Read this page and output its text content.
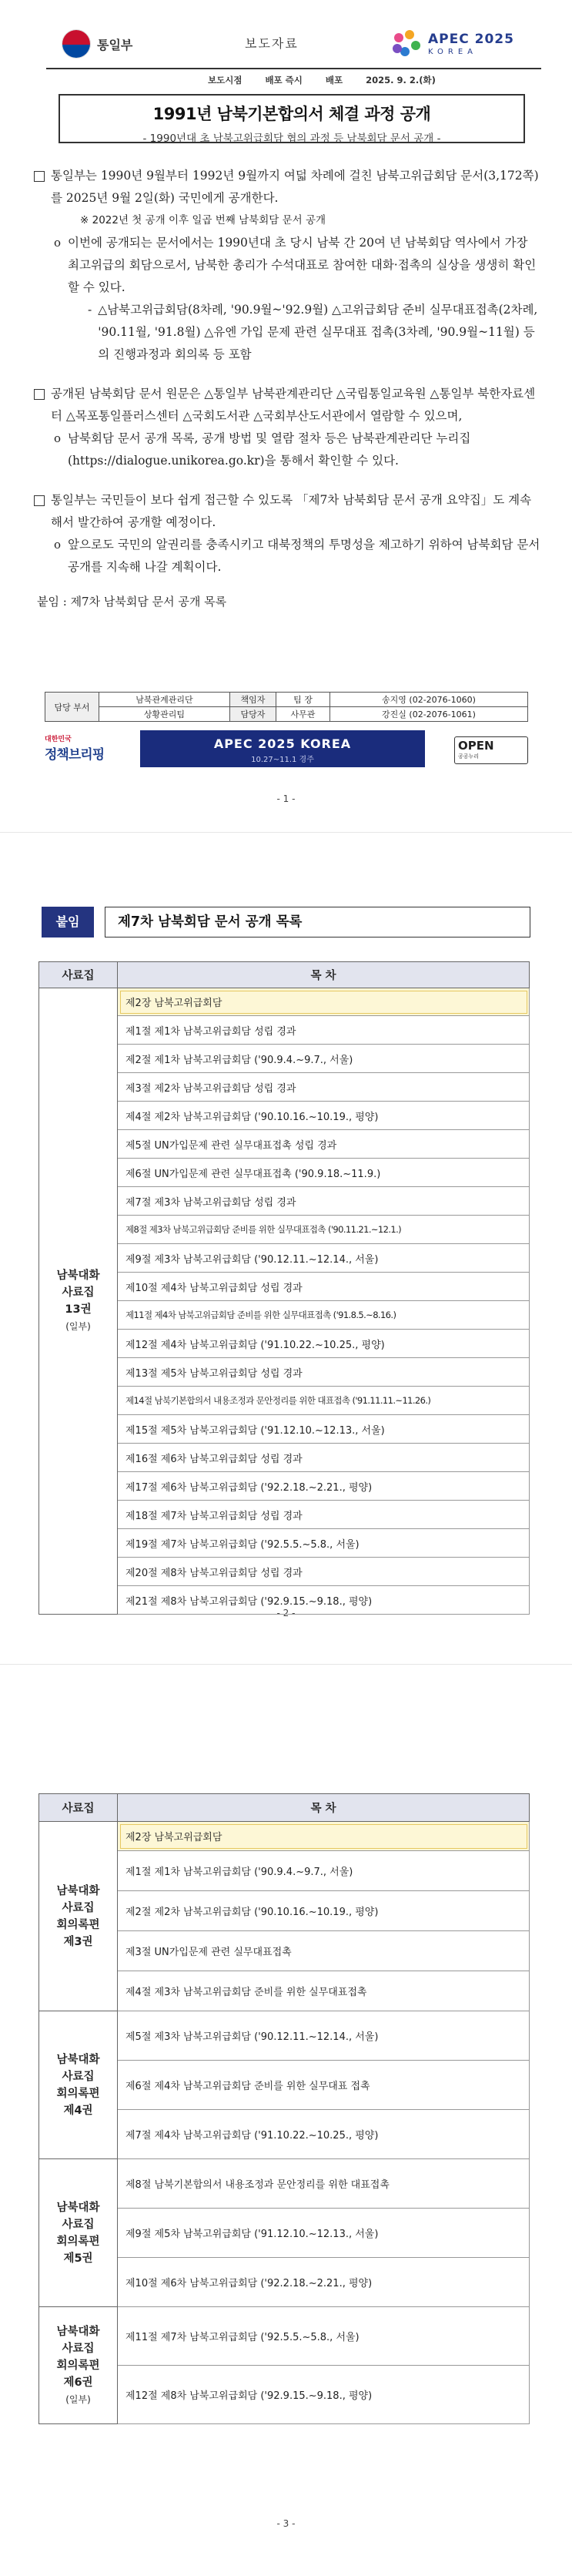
통일부	보도자료	APEC 2025
KOREA
보도시점	배포 즉시	배포	2025. 9. 2.(화)
1991년 남북기본합의서 체결 과정 공개
- 1990년대 초 남북고위급회담 협의 과정 등 남북회담 문서 공개 -
통일부는 1990년 9월부터 1992년 9월까지 여덟 차례에 걸친 남북고위급회담 문서(3,172쪽)를 2025년 9월 2일(화) 국민에게 공개한다.
※ 2022년 첫 공개 이후 일곱 번째 남북회담 문서 공개
o 이번에 공개되는 문서에서는 1990년대 초 당시 남북 간 20여 년 남북회담 역사에서 가장 최고위급의 회담으로서, 남북한 총리가 수석대표로 참여한 대화·접촉의 실상을 생생히 확인할 수 있다.
- △남북고위급회담(8차례, '90.9월~'92.9월) △고위급회담 준비 실무대표접촉(2차례, '90.11월, '91.8월) △유엔 가입 문제 관련 실무대표 접촉(3차례, '90.9월~11월) 등의 진행과정과 회의록 등 포함
공개된 남북회담 문서 원문은 △통일부 남북관계관리단 △국립통일교육원 △통일부 북한자료센터 △목포통일플러스센터 △국회도서관 △국회부산도서관에서 열람할 수 있으며,
o 남북회담 문서 공개 목록, 공개 방법 및 열람 절차 등은 남북관계관리단 누리집(https://dialogue.unikorea.go.kr)을 통해서 확인할 수 있다.
통일부는 국민들이 보다 쉽게 접근할 수 있도록 「제7차 남북회담 문서 공개 요약집」도 계속해서 발간하여 공개할 예정이다.
o 앞으로도 국민의 알권리를 충족시키고 대북정책의 투명성을 제고하기 위하여 남북회담 문서 공개를 지속해 나갈 계획이다.
붙임 : 제7차 남북회담 문서 공개 목록
담당 부서	남북관계관리단	책임자	팀 장	송지영 (02-2076-1060)
	상황관리팀	담당자	사무관	강진실 (02-2076-1061)
대한민국
정책브리핑
APEC 2025 KOREA
10.27~11.1 경주
OPEN
공공누리
- 1 -
붙임	제7차 남북회담 문서 공개 목록
- 2 -
사료집	목 차

남북대화
사료집
13권
(일부)	제2장 남북고위급회담
	제1절 제1차 남북고위급회담 성립 경과
	제2절 제1차 남북고위급회담 ('90.9.4.~9.7., 서울)
	제3절 제2차 남북고위급회담 성립 경과
	제4절 제2차 남북고위급회담 ('90.10.16.~10.19., 평양)
	제5절 UN가입문제 관련 실무대표접촉 성립 경과
	제6절 UN가입문제 관련 실무대표접촉 ('90.9.18.~11.9.)
	제7절 제3차 남북고위급회담 성립 경과
	제8절 제3차 남북고위급회담 준비를 위한 실무대표접촉 ('90.11.21.~12.1.)
	제9절 제3차 남북고위급회담 ('90.12.11.~12.14., 서울)
	제10절 제4차 남북고위급회담 성립 경과
	제11절 제4차 남북고위급회담 준비를 위한 실무대표접촉 ('91.8.5.~8.16.)
	제12절 제4차 남북고위급회담 ('91.10.22.~10.25., 평양)
	제13절 제5차 남북고위급회담 성립 경과
	제14절 남북기본합의서 내용조정과 문안정리를 위한 대표접촉 ('91.11.11.~11.26.)
	제15절 제5차 남북고위급회담 ('91.12.10.~12.13., 서울)
	제16절 제6차 남북고위급회담 성립 경과
	제17절 제6차 남북고위급회담 ('92.2.18.~2.21., 평양)
	제18절 제7차 남북고위급회담 성립 경과
	제19절 제7차 남북고위급회담 ('92.5.5.~5.8., 서울)
	제20절 제8차 남북고위급회담 성립 경과
	제21절 제8차 남북고위급회담 ('92.9.15.~9.18., 평양)
- 3 -
사료집	목 차

남북대화
사료집
회의록편
제3권	제2장 남북고위급회담
	제1절 제1차 남북고위급회담 ('90.9.4.~9.7., 서울)
	제2절 제2차 남북고위급회담 ('90.10.16.~10.19., 평양)
	제3절 UN가입문제 관련 실무대표접촉
	제4절 제3차 남북고위급회담 준비를 위한 실무대표접촉

남북대화
사료집
회의록편
제4권	제5절 제3차 남북고위급회담 ('90.12.11.~12.14., 서울)
	제6절 제4차 남북고위급회담 준비를 위한 실무대표 접촉
	제7절 제4차 남북고위급회담 ('91.10.22.~10.25., 평양)

남북대화
사료집
회의록편
제5권	제8절 남북기본합의서 내용조정과 문안정리를 위한 대표접촉
	제9절 제5차 남북고위급회담 ('91.12.10.~12.13., 서울)
	제10절 제6차 남북고위급회담 ('92.2.18.~2.21., 평양)

남북대화
사료집
회의록편
제6권
(일부)	제11절 제7차 남북고위급회담 ('92.5.5.~5.8., 서울)
	제12절 제8차 남북고위급회담 ('92.9.15.~9.18., 평양)
